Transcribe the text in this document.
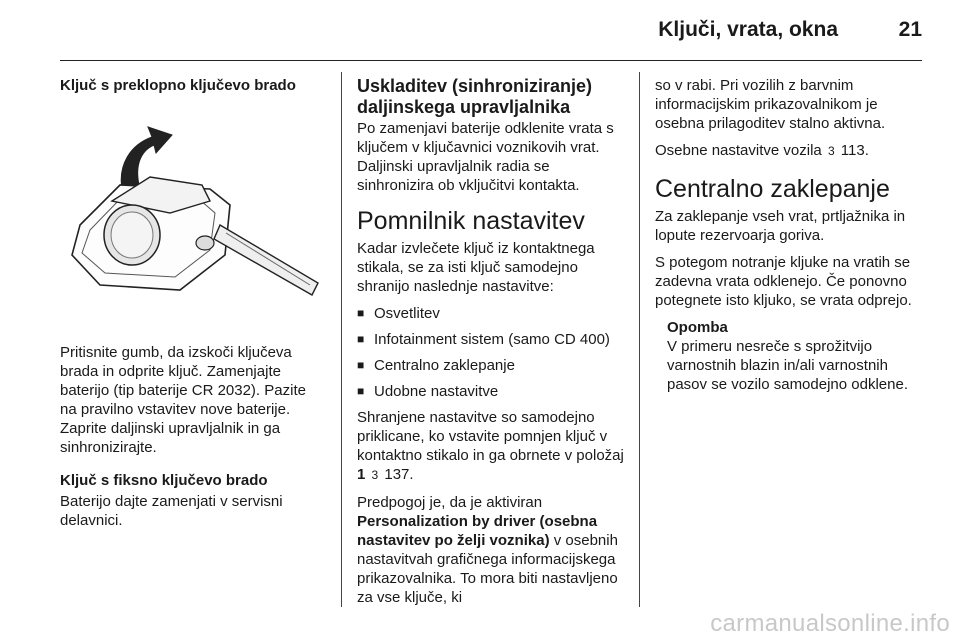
Ključi, vrata, okna	21
Ključ s preklopno ključevo brado

Pritisnite gumb, da izskoči ključeva brada in odprite ključ. Zamenjajte baterijo (tip baterije CR 2032). Pazite na pravilno vstavitev nove baterije. Zaprite daljinski upravljalnik in ga sinhronizirajte.

Ključ s fiksno ključevo brado

Baterijo dajte zamenjati v servisni delavnici.

Uskladitev (sinhroniziranje) daljinskega upravljalnika

Po zamenjavi baterije odklenite vrata s ključem v ključavnici voznikovih vrat. Daljinski upravljalnik radia se sinhronizira ob vključitvi kontakta.

Pomnilnik nastavitev

Kadar izvlečete ključ iz kontaktnega stikala, se za isti ključ samodejno shranijo naslednje nastavitve:

■ Osvetlitev
■ Infotainment sistem (samo CD 400)
■ Centralno zaklepanje
■ Udobne nastavitve

Shranjene nastavitve so samodejno priklicane, ko vstavite pomnjen ključ v kontaktno stikalo in ga obrnete v položaj 1 3 137.

Predpogoj je, da je aktiviran Personalization by driver (osebna nastavitev po želji voznika) v osebnih nastavitvah grafičnega informacijskega prikazovalnika. To mora biti nastavljeno za vse ključe, ki

so v rabi. Pri vozilih z barvnim informacijskim prikazovalnikom je osebna prilagoditev stalno aktivna.

Osebne nastavitve vozila 3 113.

Centralno zaklepanje

Za zaklepanje vseh vrat, prtljažnika in lopute rezervoarja goriva.

S potegom notranje kljuke na vratih se zadevna vrata odklenejo. Če ponovno potegnete isto kljuko, se vrata odprejo.

Opomba
V primeru nesreče s sprožitvijo varnostnih blazin in/ali varnostnih pasov se vozilo samodejno odklene.
carmanualsonline.info
